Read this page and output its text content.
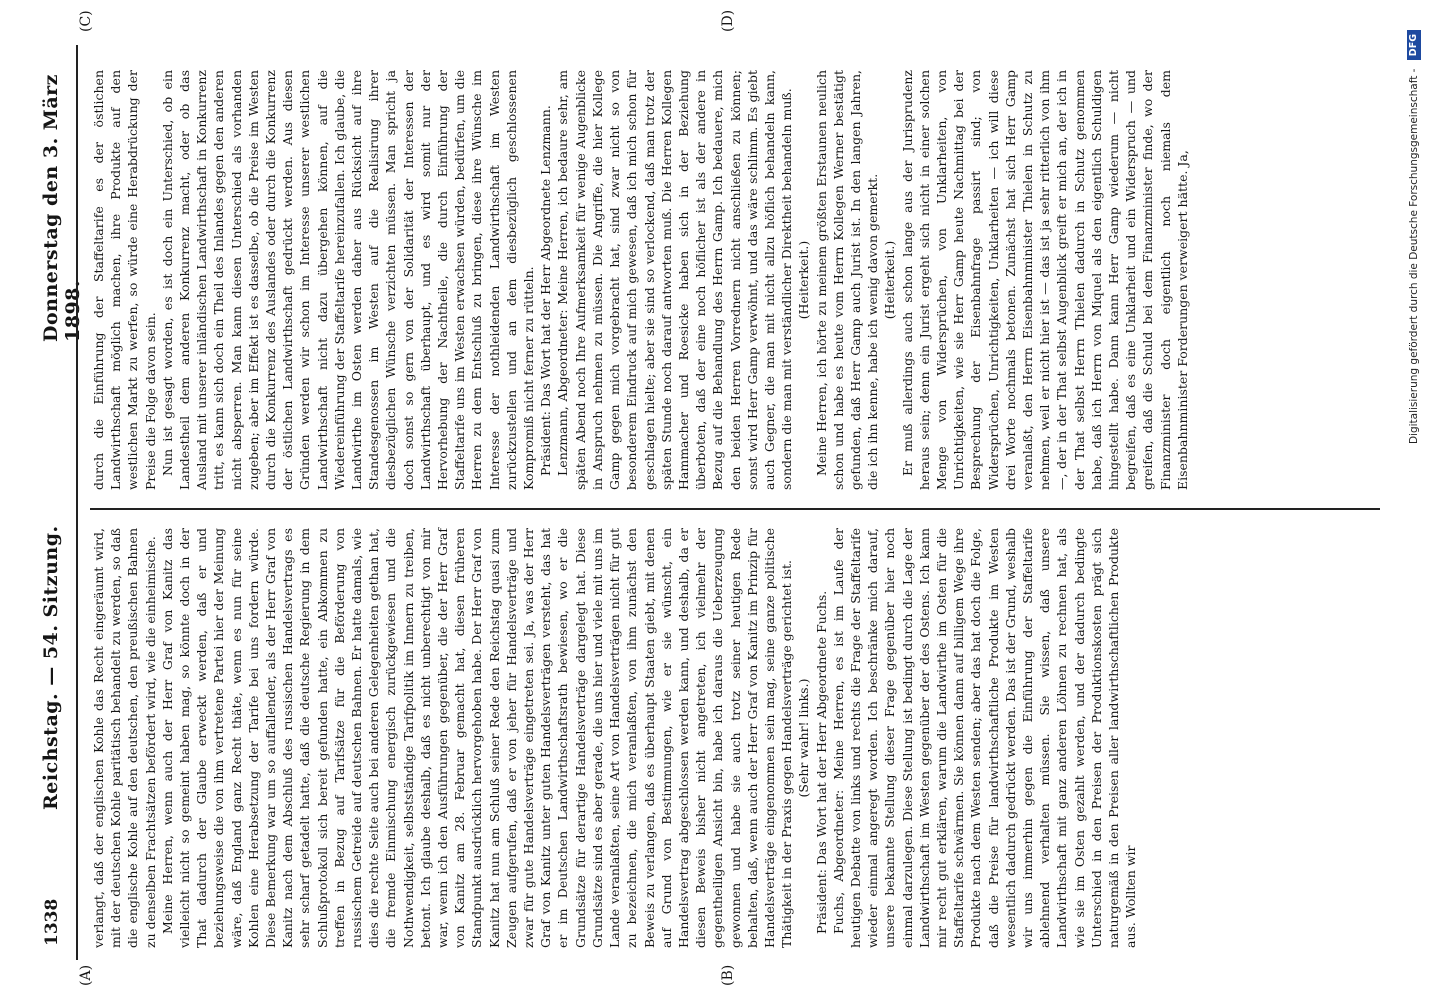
1338
Reichstag. — 54. Sitzung.
Donnerstag den 3. März 1898.
(A)	(B)
(C)	(D)

verlangt, daß der englischen Kohle das Recht eingeräumt wird, mit der deutschen Kohle paritätisch behandelt zu werden, so daß die englische Kohle auf den deutschen, den preußischen Bahnen zu denselben Frachtsätzen befördert wird, wie die einheimische. Meine Herren, wenn auch der Herr Graf von Kanitz das vielleicht nicht so gemeint haben mag, so könnte doch in der That dadurch der Glaube erweckt werden, daß er und beziehungsweise die von ihm vertretene Partei hier der Meinung wäre, daß England ganz Recht thäte, wenn es nun für seine Kohlen eine Herabsetzung der Tarife bei uns fordern würde. Diese Bemerkung war um so auffallender, als der Herr Graf von Kanitz nach dem Abschluß des russischen Handelsvertrags es sehr scharf getadelt hatte, daß die deutsche Regierung in dem Schlußprotokoll sich bereit gefunden hatte, ein Abkommen zu treffen in Bezug auf Tarifsätze für die Beförderung von russischem Getreide auf deutschen Bahnen. Er hatte damals, wie dies die rechte Seite auch bei anderen Gelegenheiten gethan hat, die fremde Einmischung energisch zurückgewiesen und die Nothwendigkeit, selbstständige Tarifpolitik im Innern zu treiben, betont. Ich glaube deshalb, daß es nicht unberechtigt von mir war, wenn ich den Ausführungen gegenüber, die der Herr Graf von Kanitz am 28. Februar gemacht hat, diesen früheren Standpunkt ausdrücklich hervorgehoben habe. Der Herr Graf von Kanitz hat nun am Schluß seiner Rede den Reichstag quasi zum Zeugen aufgerufen, daß er von jeher für Handelsverträge und zwar für gute Handelsverträge eingetreten sei. Ja, was der Herr Graf von Kanitz unter guten Handelsverträgen versteht, das hat er im Deutschen Landwirthschaftsrath bewiesen, wo er die Grundsätze für derartige Handelsverträge dargelegt hat. Diese Grundsätze sind es aber gerade, die uns hier und viele mit uns im Lande veranlaßten, seine Art von Handelsverträgen nicht für gut zu bezeichnen, die mich veranlaßten, von ihm zunächst den Beweis zu verlangen, daß es überhaupt Staaten giebt, mit denen auf Grund von Bestimmungen, wie er sie wünscht, ein Handelsvertrag abgeschlossen werden kann, und deshalb, da er diesen Beweis bisher nicht angetreten, ich vielmehr der gegentheiligen Ansicht bin, habe ich daraus die Ueberzeugung gewonnen und habe sie auch trotz seiner heutigen Rede behalten, daß, wenn auch der Herr Graf von Kanitz im Prinzip für Handelsverträge eingenommen sein mag, seine ganze politische Thätigkeit in der Praxis gegen Handelsverträge gerichtet ist. (Sehr wahr! links.) Präsident: Das Wort hat der Herr Abgeordnete Fuchs. Fuchs, Abgeordneter: Meine Herren, es ist im Laufe der heutigen Debatte von links und rechts die Frage der Staffeltarife wieder einmal angeregt worden. Ich beschränke mich darauf, unsere bekannte Stellung dieser Frage gegenüber hier noch einmal darzulegen. Diese Stellung ist bedingt durch die Lage der Landwirthschaft im Westen gegenüber der des Ostens. Ich kann mir recht gut erklären, warum die Landwirthe im Osten für die Staffeltarife schwärmen. Sie können dann auf billigem Wege ihre Produkte nach dem Westen senden; aber das hat doch die Folge, daß die Preise für landwirthschaftliche Produkte im Westen wesentlich dadurch gedrückt werden. Das ist der Grund, weshalb wir uns immerhin gegen die Einführung der Staffeltarife ablehnend verhalten müssen. Sie wissen, daß unsere Landwirthschaft mit ganz anderen Löhnen zu rechnen hat, als wie sie im Osten gezahlt werden, und der dadurch bedingte Unterschied in den Preisen der Produktionskosten prägt sich naturgemäß in den Preisen aller landwirthschaftlichen Produkte aus. Wollten wir

durch die Einführung der Staffeltarife es der östlichen Landwirthschaft möglich machen, ihre Produkte auf den westlichen Markt zu werfen, so würde eine Herabdrückung der Preise die Folge davon sein. Nun ist gesagt worden, es ist doch ein Unterschied, ob ein Landestheil dem anderen Konkurrenz macht, oder ob das Ausland mit unserer inländischen Landwirthschaft in Konkurrenz tritt, es kann sich doch ein Theil des Inlandes gegen den anderen nicht absperren. Man kann diesen Unterschied als vorhanden zugeben; aber im Effekt ist es dasselbe, ob die Preise im Westen durch die Konkurrenz des Auslandes oder durch die Konkurrenz der östlichen Landwirthschaft gedrückt werden. Aus diesen Gründen werden wir schon im Interesse unserer westlichen Landwirthschaft nicht dazu übergehen können, auf die Wiedereinführung der Staffeltarife hereinzufallen. Ich glaube, die Landwirthe im Osten werden daher aus Rücksicht auf ihre Standesgenossen im Westen auf die Realisirung ihrer diesbezüglichen Wünsche verzichten müssen. Man spricht ja doch sonst so gern von der Solidarität der Interessen der Landwirthschaft überhaupt, und es wird somit nur der Hervorhebung der Nachtheile, die durch Einführung der Staffeltarife uns im Westen erwachsen würden, bedürfen, um die Herren zu dem Entschluß zu bringen, diese ihre Wünsche im Interesse der nothleidenden Landwirthschaft im Westen zurückzustellen und an dem diesbezüglich geschlossenen Kompromiß nicht ferner zu rütteln. Präsident: Das Wort hat der Herr Abgeordnete Lenzmann. Lenzmann, Abgeordneter: Meine Herren, ich bedaure sehr, am späten Abend noch Ihre Aufmerksamkeit für wenige Augenblicke in Anspruch nehmen zu müssen. Die Angriffe, die hier Kollege Gamp gegen mich vorgebracht hat, sind zwar nicht so von besonderem Eindruck auf mich gewesen, daß ich mich schon für geschlagen hielte; aber sie sind so verlockend, daß man trotz der späten Stunde noch darauf antworten muß. Die Herren Kollegen Hammacher und Roesicke haben sich in der Beziehung überboten, daß der eine noch höflicher ist als der andere in Bezug auf die Behandlung des Herrn Gamp. Ich bedauere, mich den beiden Herren Vorrednern nicht anschließen zu können; sonst wird Herr Gamp verwöhnt, und das wäre schlimm. Es giebt auch Gegner, die man mit nicht allzu höflich behandeln kann, sondern die man mit verständlicher Direktheit behandeln muß. (Heiterkeit.) Meine Herren, ich hörte zu meinem größten Erstaunen neulich schon und habe es heute vom Herrn Kollegen Werner bestätigt gefunden, daß Herr Gamp auch Jurist ist. In den langen Jahren, die ich ihn kenne, habe ich wenig davon gemerkt. (Heiterkeit.) Er muß allerdings auch schon lange aus der Jurisprudenz heraus sein; denn ein Jurist ergeht sich nicht in einer solchen Menge von Widersprüchen, von Unklarheiten, von Unrichtigkeiten, wie sie Herr Gamp heute Nachmittag bei der Besprechung der Eisenbahnfrage passirt sind; von Widersprüchen, Unrichtigkeiten, Unklarheiten — ich will diese drei Worte nochmals betonen. Zunächst hat sich Herr Gamp veranlaßt, den Herrn Eisenbahnminister Thielen in Schutz zu nehmen, weil er nicht hier ist — das ist ja sehr ritterlich von ihm —, der in der That selbst Augenblick greift er mich an, der ich in der That selbst Herrn Thielen dadurch in Schutz genommen habe, daß ich Herrn von Miquel als den eigentlich Schuldigen hingestellt habe. Dann kann Herr Gamp wiederum — nicht begreifen, daß es eine Unklarheit und ein Widerspruch — und greifen, daß die Schuld bei dem Finanzminister finde, wo der Finanzminister doch eigentlich noch niemals dem Eisenbahnminister Forderungen verweigert hätte. Ja,	Digitalisierung gefördert durch die Deutsche Forschungsgemeinschaft - DFG
